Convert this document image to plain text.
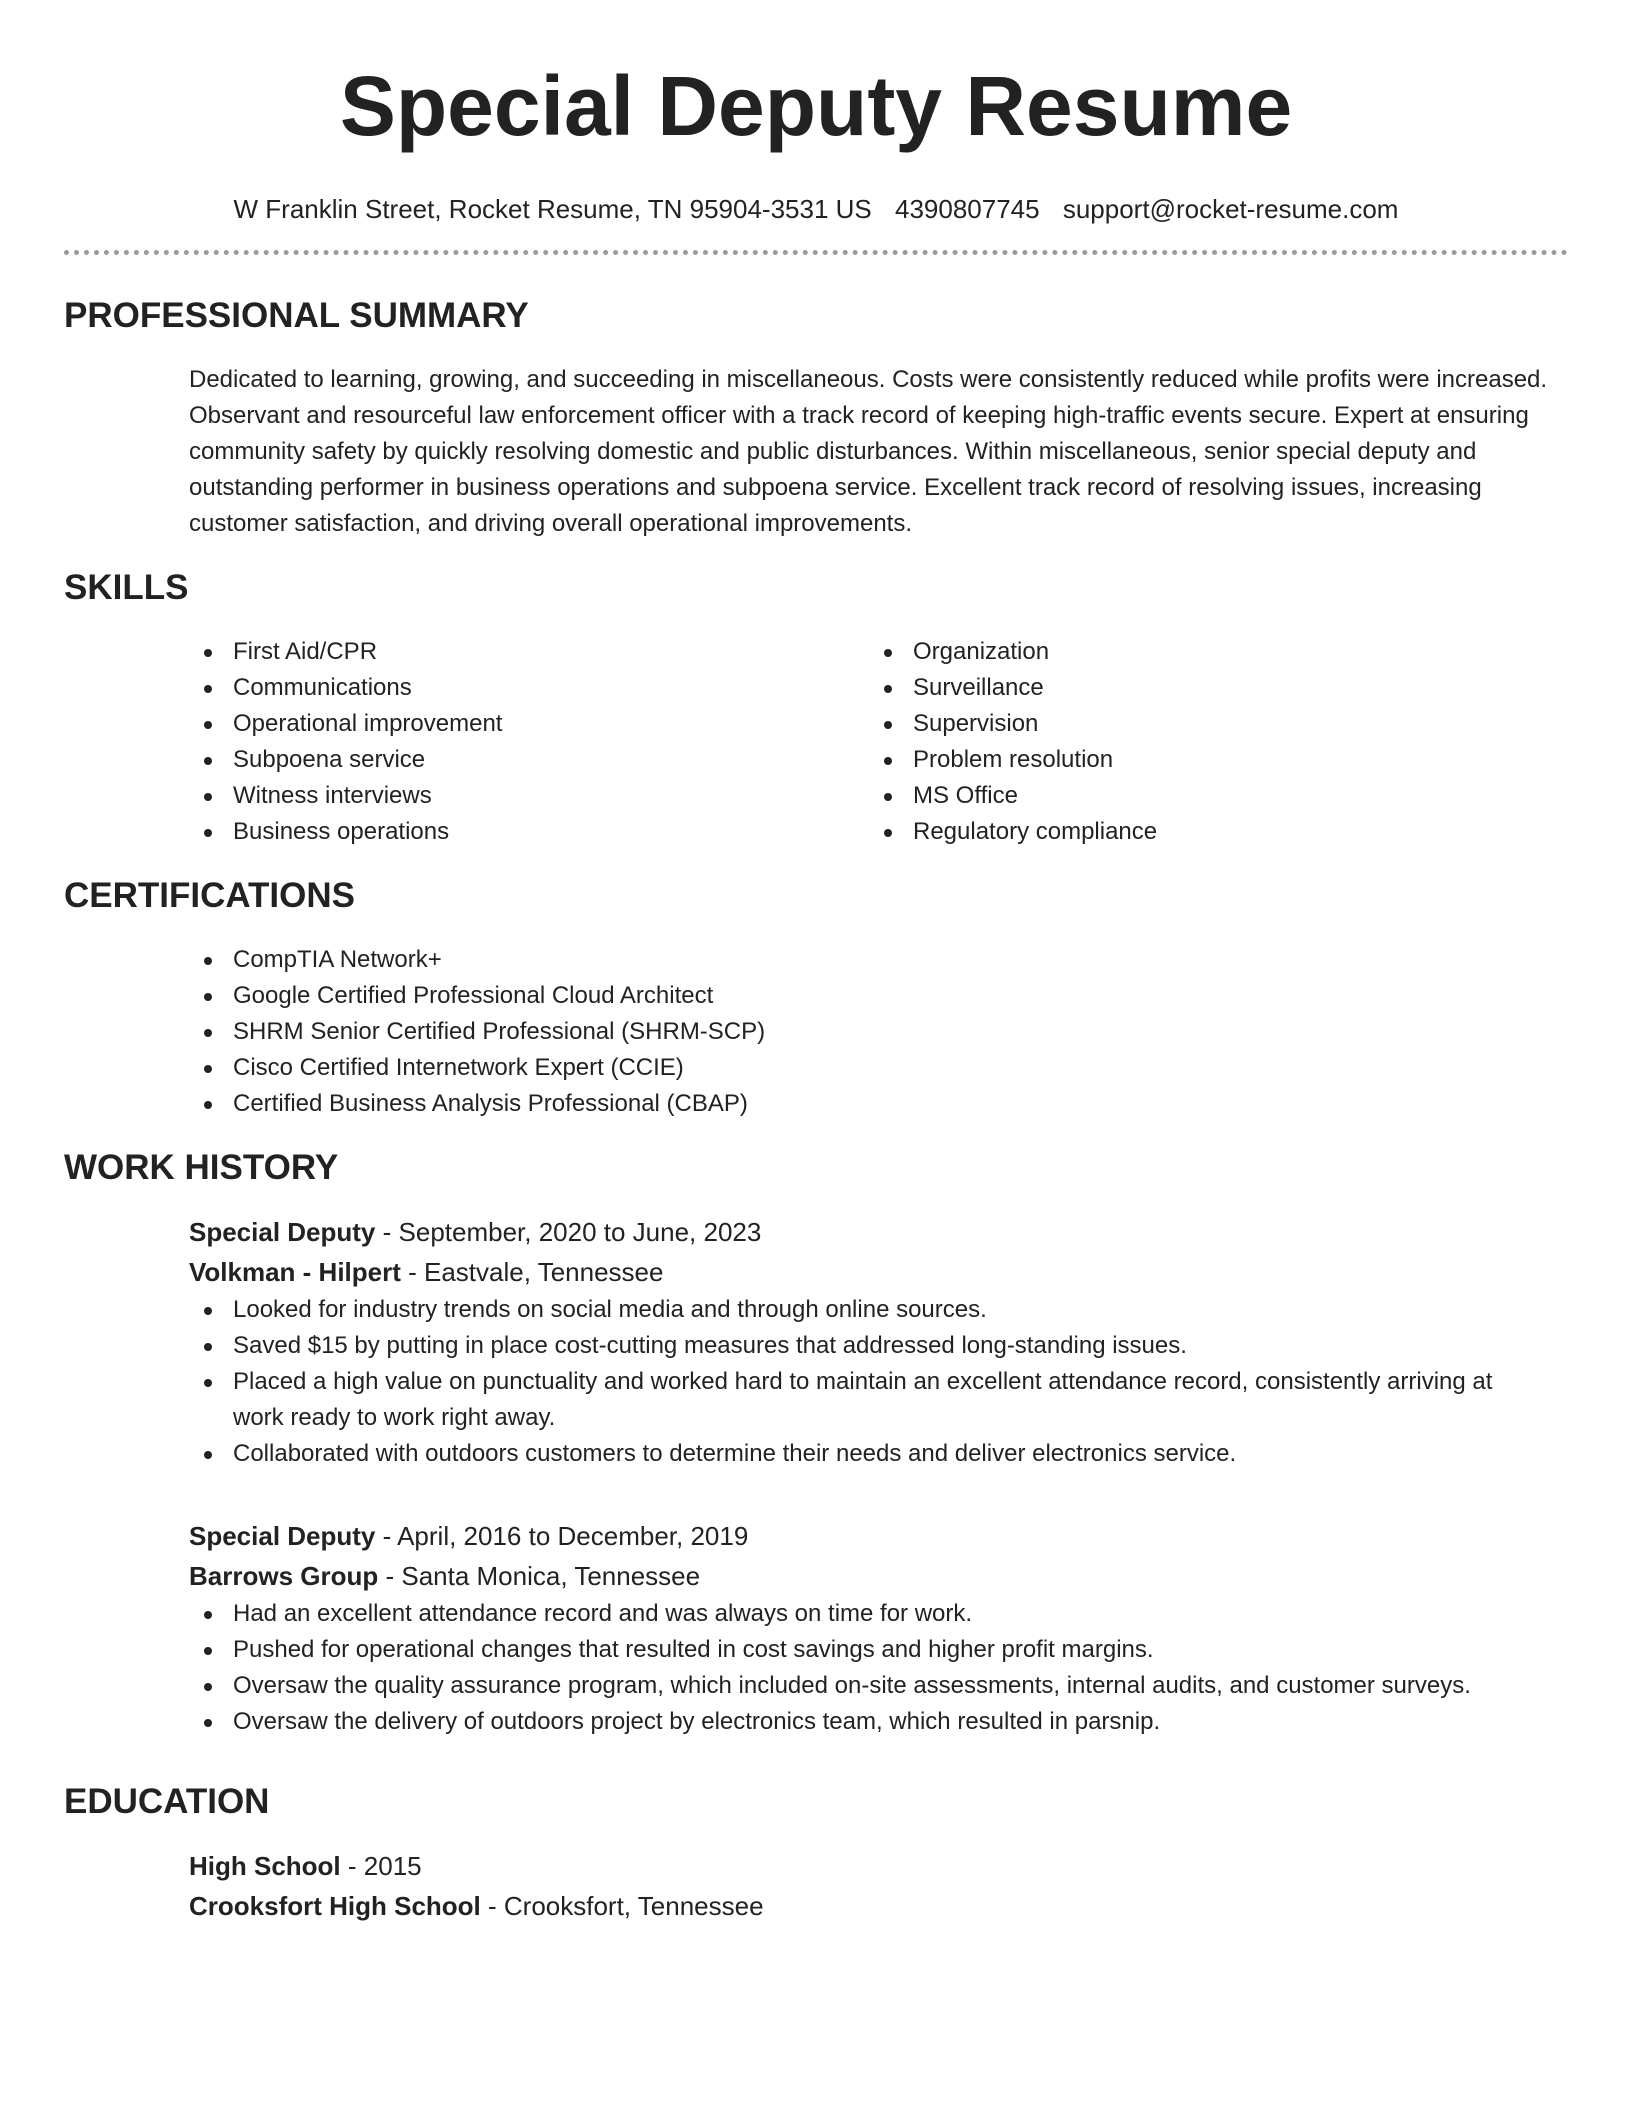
Special Deputy Resume
W Franklin Street, Rocket Resume, TN 95904-3531 US 4390807745 support@rocket-resume.com
PROFESSIONAL SUMMARY

Dedicated to learning, growing, and succeeding in miscellaneous. Costs were consistently reduced while profits were increased. Observant and resourceful law enforcement officer with a track record of keeping high-traffic events secure. Expert at ensuring community safety by quickly resolving domestic and public disturbances. Within miscellaneous, senior special deputy and outstanding performer in business operations and subpoena service. Excellent track record of resolving issues, increasing customer satisfaction, and driving overall operational improvements.

SKILLS
First Aid/CPR
Communications
Operational improvement
Subpoena service
Witness interviews
Business operations
Organization
Surveillance
Supervision
Problem resolution
MS Office
Regulatory compliance
CERTIFICATIONS
CompTIA Network+
Google Certified Professional Cloud Architect
SHRM Senior Certified Professional (SHRM-SCP)
Cisco Certified Internetwork Expert (CCIE)
Certified Business Analysis Professional (CBAP)
WORK HISTORY

Special Deputy - September, 2020 to June, 2023

Volkman - Hilpert - Eastvale, Tennessee

Looked for industry trends on social media and through online sources.
Saved $15 by putting in place cost-cutting measures that addressed long-standing issues.
Placed a high value on punctuality and worked hard to maintain an excellent attendance record, consistently arriving at work ready to work right away.
Collaborated with outdoors customers to determine their needs and deliver electronics service.

Special Deputy - April, 2016 to December, 2019

Barrows Group - Santa Monica, Tennessee

Had an excellent attendance record and was always on time for work.
Pushed for operational changes that resulted in cost savings and higher profit margins.
Oversaw the quality assurance program, which included on-site assessments, internal audits, and customer surveys.
Oversaw the delivery of outdoors project by electronics team, which resulted in parsnip.
EDUCATION

High School - 2015

Crooksfort High School - Crooksfort, Tennessee
